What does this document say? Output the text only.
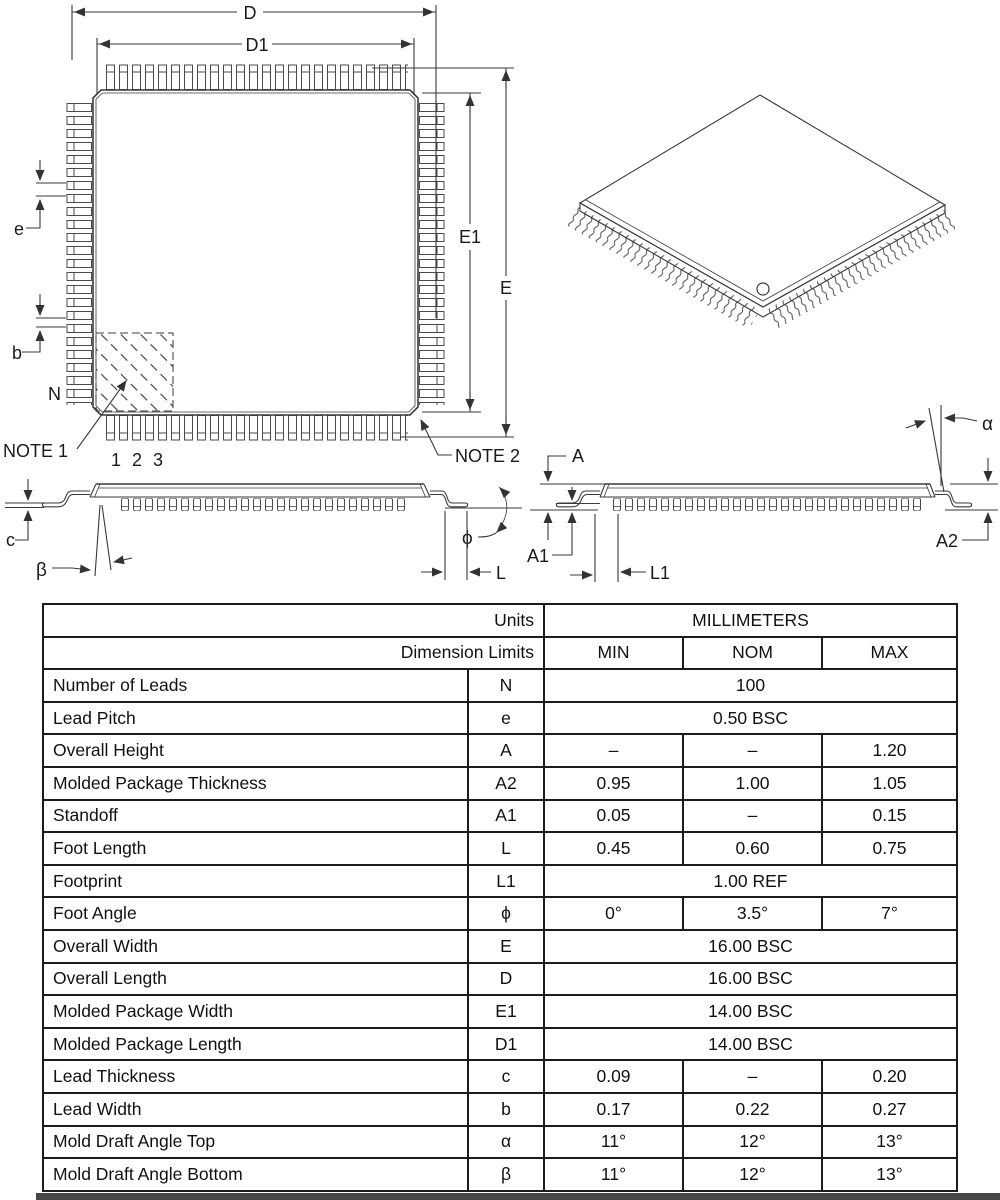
D
D1
E1
E
e
b
N
1 2 3
NOTE 1	NOTE 2
c
β
ϕ
L
A
A1
L1
α
A2
Units		MILLIMETERS		
Dimension Limits		MIN	NOM	MAX
Number of Leads	N	100		
Lead Pitch	e	0.50 BSC		
Overall Height	A	–	–	1.20
Molded Package Thickness	A2	0.95	1.00	1.05
Standoff	A1	0.05	–	0.15
Foot Length	L	0.45	0.60	0.75
Footprint	L1	1.00 REF		
Foot Angle	ϕ	0°	3.5°	7°
Overall Width	E	16.00 BSC		
Overall Length	D	16.00 BSC		
Molded Package Width	E1	14.00 BSC		
Molded Package Length	D1	14.00 BSC		
Lead Thickness	c	0.09	–	0.20
Lead Width	b	0.17	0.22	0.27
Mold Draft Angle Top	α	11°	12°	13°
Mold Draft Angle Bottom	β	11°	12°	13°
